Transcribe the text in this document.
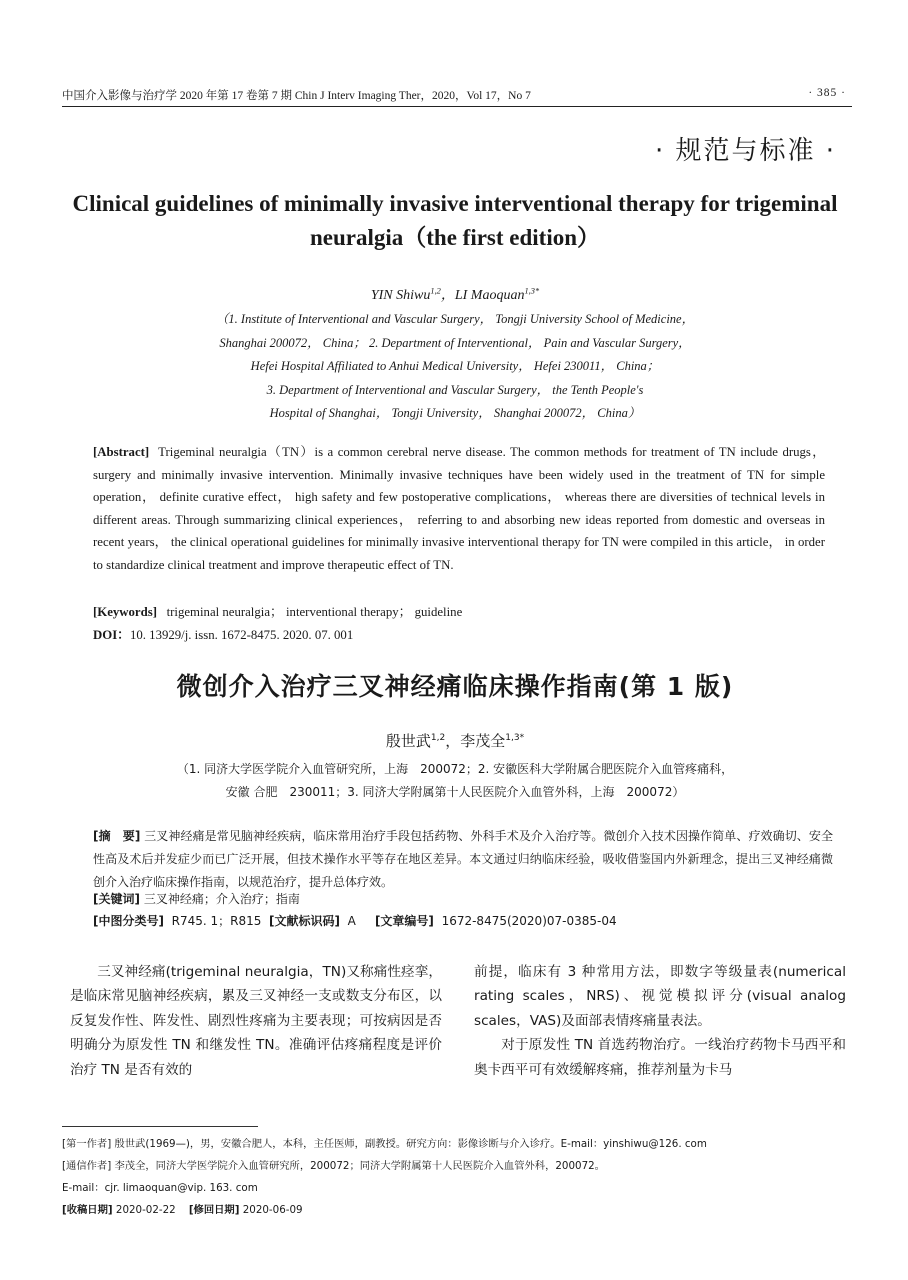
中国介入影像与治疗学 2020 年第 17 卷第 7 期 Chin J Interv Imaging Ther，2020，Vol 17，No 7	· 385 ·
· 规范与标准 ·
Clinical guidelines of minimally invasive interventional therapy for trigeminal neuralgia（the first edition）
YIN Shiwu$^{1,2}$，LI Maoquan$^{1,3*}$
（1. Institute of Interventional and Vascular Surgery， Tongji University School of Medicine，
Shanghai 200072， China； 2. Department of Interventional， Pain and Vascular Surgery，
Hefei Hospital Affiliated to Anhui Medical University， Hefei 230011， China；
3. Department of Interventional and Vascular Surgery， the Tenth People's
Hospital of Shanghai， Tongji University， Shanghai 200072， China）
[Abstract] Trigeminal neuralgia（TN）is a common cerebral nerve disease. The common methods for treatment of TN include drugs， surgery and minimally invasive intervention. Minimally invasive techniques have been widely used in the treatment of TN for simple operation， definite curative effect， high safety and few postoperative complications， whereas there are diversities of technical levels in different areas. Through summarizing clinical experiences， referring to and absorbing new ideas reported from domestic and overseas in recent years， the clinical operational guidelines for minimally invasive interventional therapy for TN were compiled in this article， in order to standardize clinical treatment and improve therapeutic effect of TN.
[Keywords] trigeminal neuralgia； interventional therapy； guideline
DOI：10. 13929/j. issn. 1672-8475. 2020. 07. 001
微创介入治疗三叉神经痛临床操作指南(第 1 版)
殷世武$^{1,2}$，李茂全$^{1,3*}$
（1. 同济大学医学院介入血管研究所，上海　200072；2. 安徽医科大学附属合肥医院介入血管疼痛科，
安徽 合肥　230011；3. 同济大学附属第十人民医院介入血管外科，上海　200072）
[摘　要] 三叉神经痛是常见脑神经疾病，临床常用治疗手段包括药物、外科手术及介入治疗等。微创介入技术因操作简单、疗效确切、安全性高及术后并发症少而已广泛开展，但技术操作水平等存在地区差异。本文通过归纳临床经验，吸收借鉴国内外新理念，提出三叉神经痛微创介入治疗临床操作指南，以规范治疗，提升总体疗效。
[关键词] 三叉神经痛；介入治疗；指南
[中图分类号] R745. 1；R815 [文献标识码] A [文章编号] 1672-8475(2020)07-0385-04

三叉神经痛(trigeminal neuralgia，TN)又称痛性痉挛，是临床常见脑神经疾病，累及三叉神经一支或数支分布区，以反复发作性、阵发性、剧烈性疼痛为主要表现；可按病因是否明确分为原发性 TN 和继发性 TN。准确评估疼痛程度是评价治疗 TN 是否有效的

前提，临床有 3 种常用方法，即数字等级量表(numerical rating scales，NRS)、视觉模拟评分(visual analog scales，VAS)及面部表情疼痛量表法。

对于原发性 TN 首选药物治疗。一线治疗药物卡马西平和奥卡西平可有效缓解疼痛，推荐剂量为卡马

[第一作者] 殷世武(1969—)，男，安徽合肥人，本科，主任医师，副教授。研究方向：影像诊断与介入诊疗。E-mail：yinshiwu@126. com

[通信作者] 李茂全，同济大学医学院介入血管研究所，200072；同济大学附属第十人民医院介入血管外科，200072。

E-mail：cjr. limaoquan@vip. 163. com

[收稿日期] 2020-02-22 [修回日期] 2020-06-09
